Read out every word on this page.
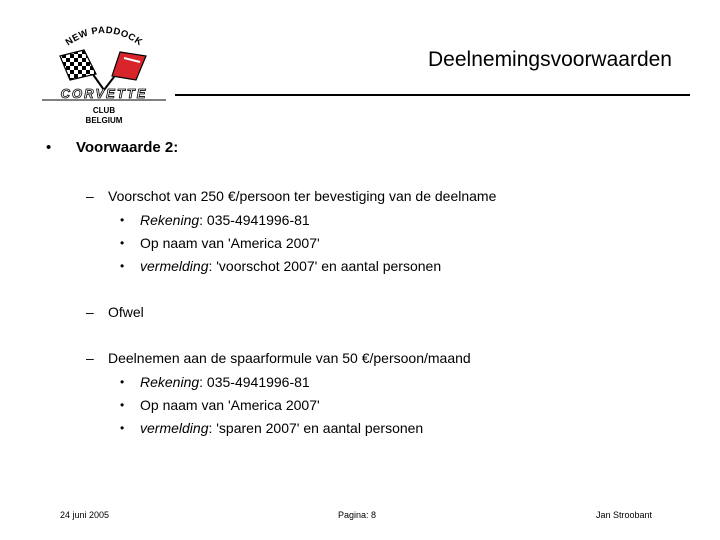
NEW PADDOCK
CORVETTE
CLUB
BELGIUM
Deelnemingsvoorwaarden
•	Voorwaarde 2:
– Voorschot van 250 €/persoon ter bevestiging van de deelname
• Rekening: 035-4941996-81
• Op naam van 'America 2007'
• vermelding: 'voorschot 2007' en aantal personen
– Ofwel
– Deelnemen aan de spaarformule van 50 €/persoon/maand
• Rekening: 035-4941996-81
• Op naam van 'America 2007'
• vermelding: 'sparen 2007' en aantal personen
24 juni 2005	Pagina: 8	Jan Stroobant
